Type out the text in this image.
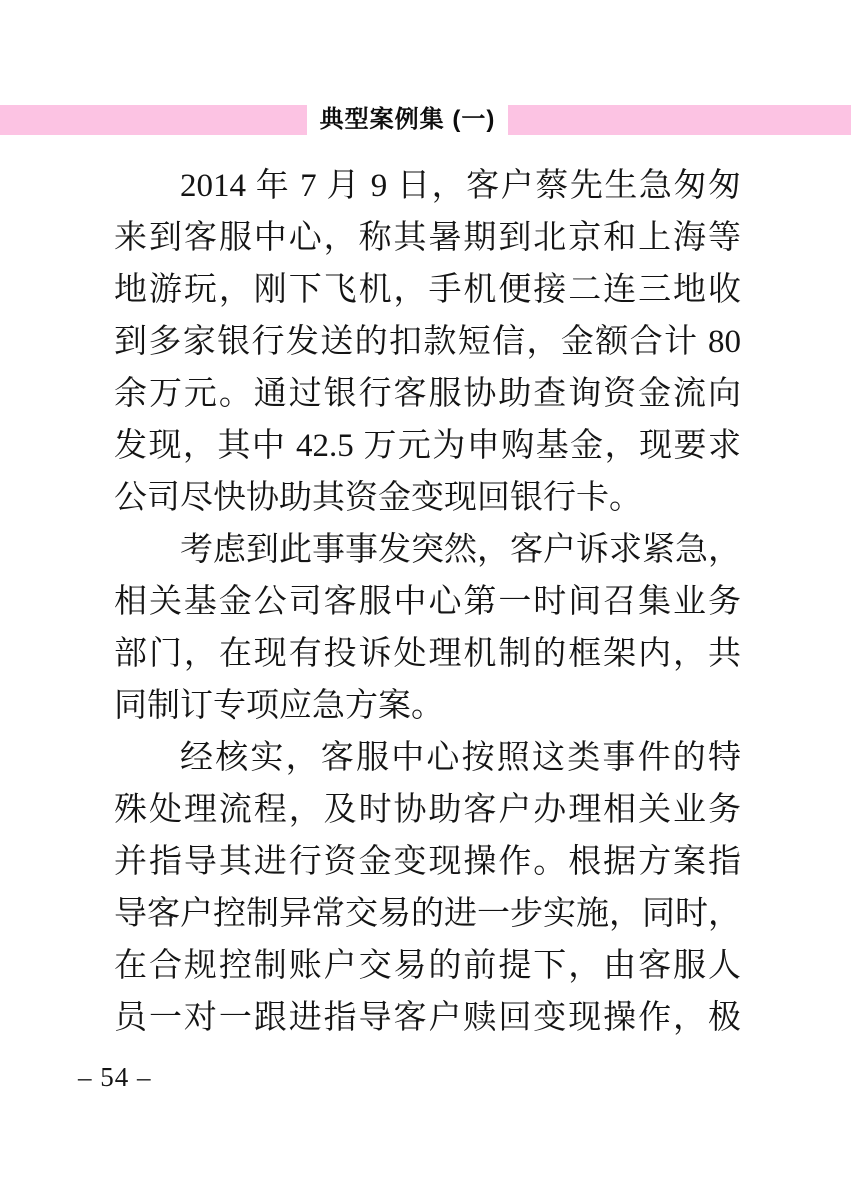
典型案例集 (一)
2014 年 7 月 9 日，客户蔡先生急匆匆
来到客服中心，称其暑期到北京和上海等
地游玩，刚下飞机，手机便接二连三地收
到多家银行发送的扣款短信，金额合计 80
余万元。通过银行客服协助查询资金流向
发现，其中 42.5 万元为申购基金，现要求
公司尽快协助其资金变现回银行卡。
考虑到此事事发突然，客户诉求紧急，
相关基金公司客服中心第一时间召集业务
部门，在现有投诉处理机制的框架内，共
同制订专项应急方案。
经核实，客服中心按照这类事件的特
殊处理流程，及时协助客户办理相关业务
并指导其进行资金变现操作。根据方案指
导客户控制异常交易的进一步实施，同时，
在合规控制账户交易的前提下，由客服人
员一对一跟进指导客户赎回变现操作，极
– 54 –
